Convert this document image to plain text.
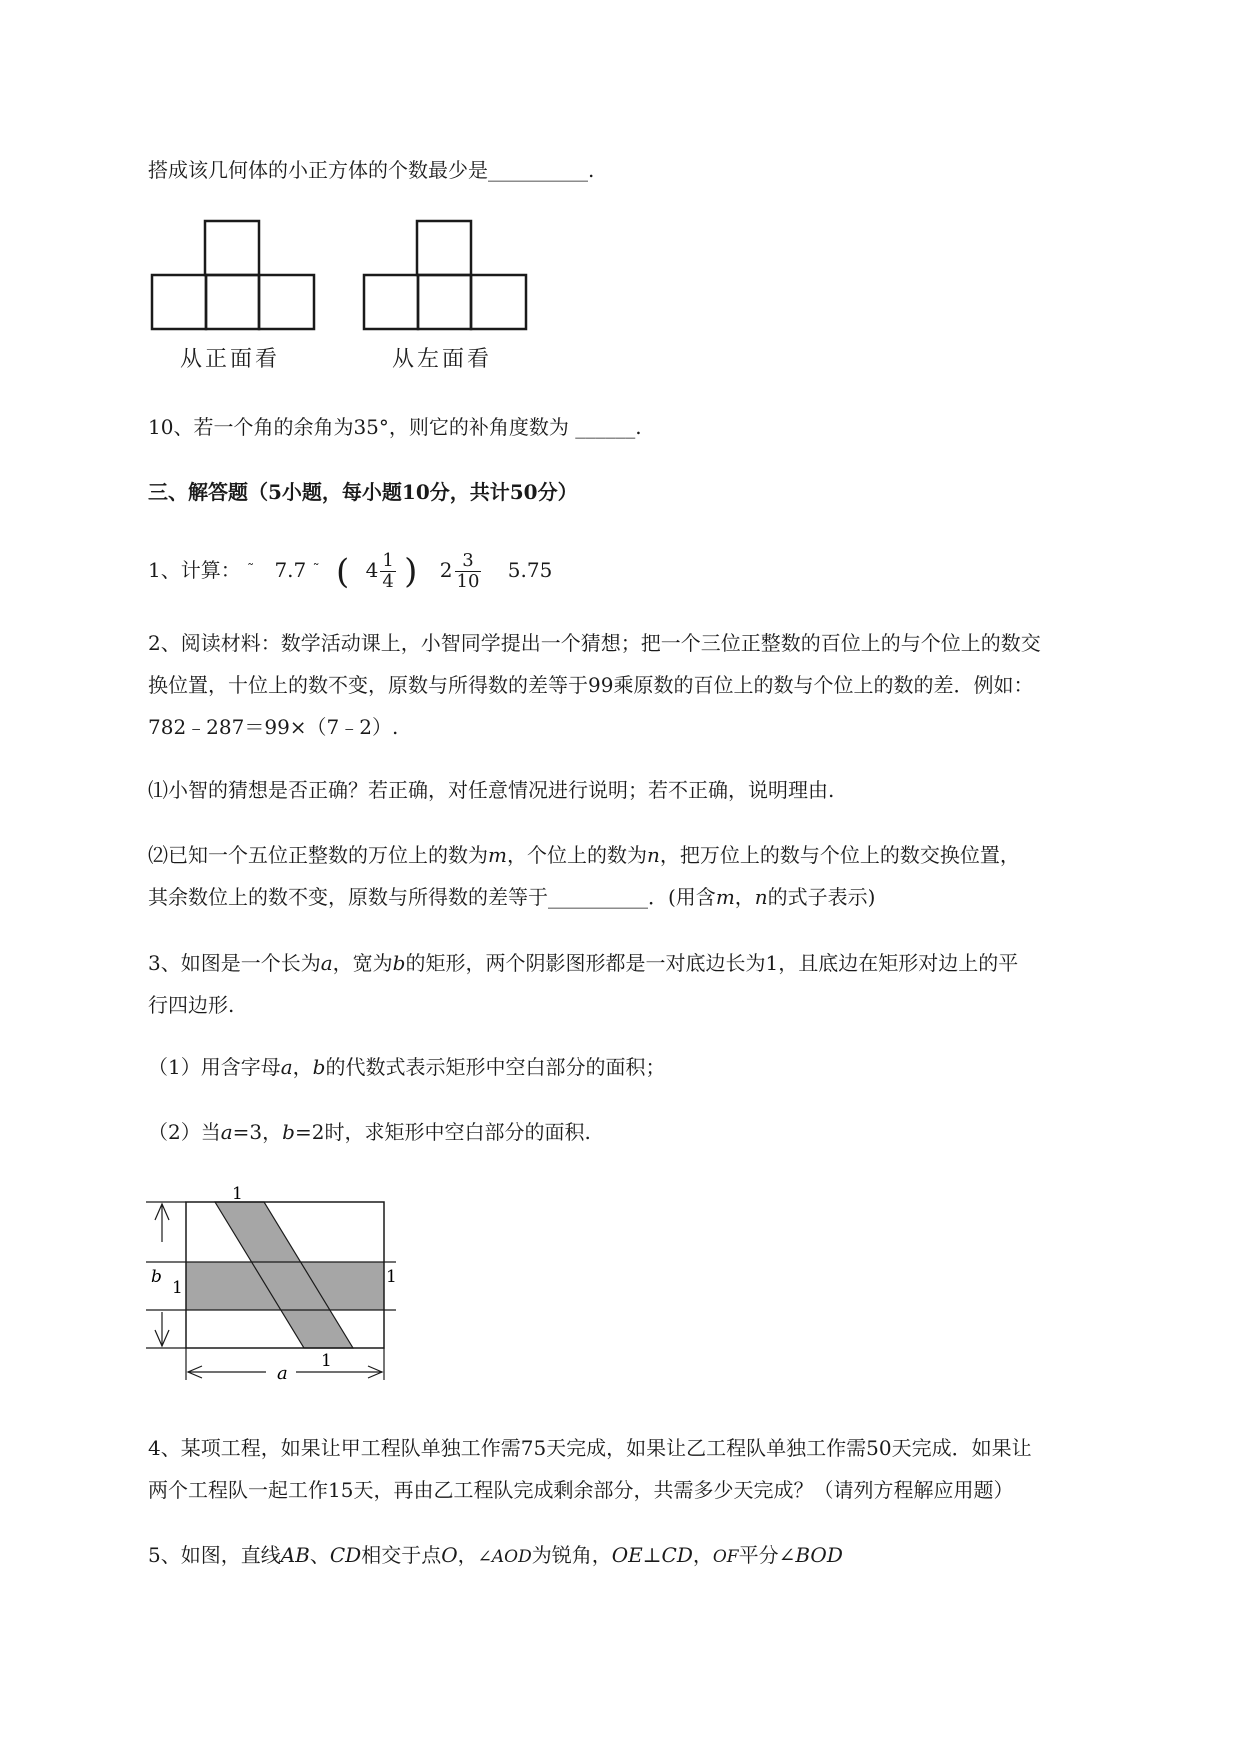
搭成该几何体的小正方体的个数最少是__________.
从正面看	从左面看
10、若一个角的余角为35°，则它的补角度数为 ______.
三、解答题（5小题，每小题10分，共计50分）
1、计算： ˜ 7.7 ˜ ( $4 \frac{1}{4}$ ) $2 \frac{3}{10} 5.75$
2、阅读材料：数学活动课上，小智同学提出一个猜想；把一个三位正整数的百位上的与个位上的数交
换位置，十位上的数不变，原数与所得数的差等于99乘原数的百位上的数与个位上的数的差．例如：
782﹣287＝99×（7﹣2）.
⑴小智的猜想是否正确？若正确，对任意情况进行说明；若不正确，说明理由.
⑵已知一个五位正整数的万位上的数为m，个位上的数为n，把万位上的数与个位上的数交换位置，
其余数位上的数不变，原数与所得数的差等于__________．(用含m，n的式子表示)
3、如图是一个长为a，宽为b的矩形，两个阴影图形都是一对底边长为1，且底边在矩形对边上的平
行四边形.
（1）用含字母a，b的代数式表示矩形中空白部分的面积；
（2）当a=3，b=2时，求矩形中空白部分的面积.
1
1
1
1
b
a
4、某项工程，如果让甲工程队单独工作需75天完成，如果让乙工程队单独工作需50天完成．如果让
两个工程队一起工作15天，再由乙工程队完成剩余部分，共需多少天完成？（请列方程解应用题）
5、如图，直线AB、CD相交于点O，∠AOD为锐角，OE⊥CD，OF平分∠BOD
